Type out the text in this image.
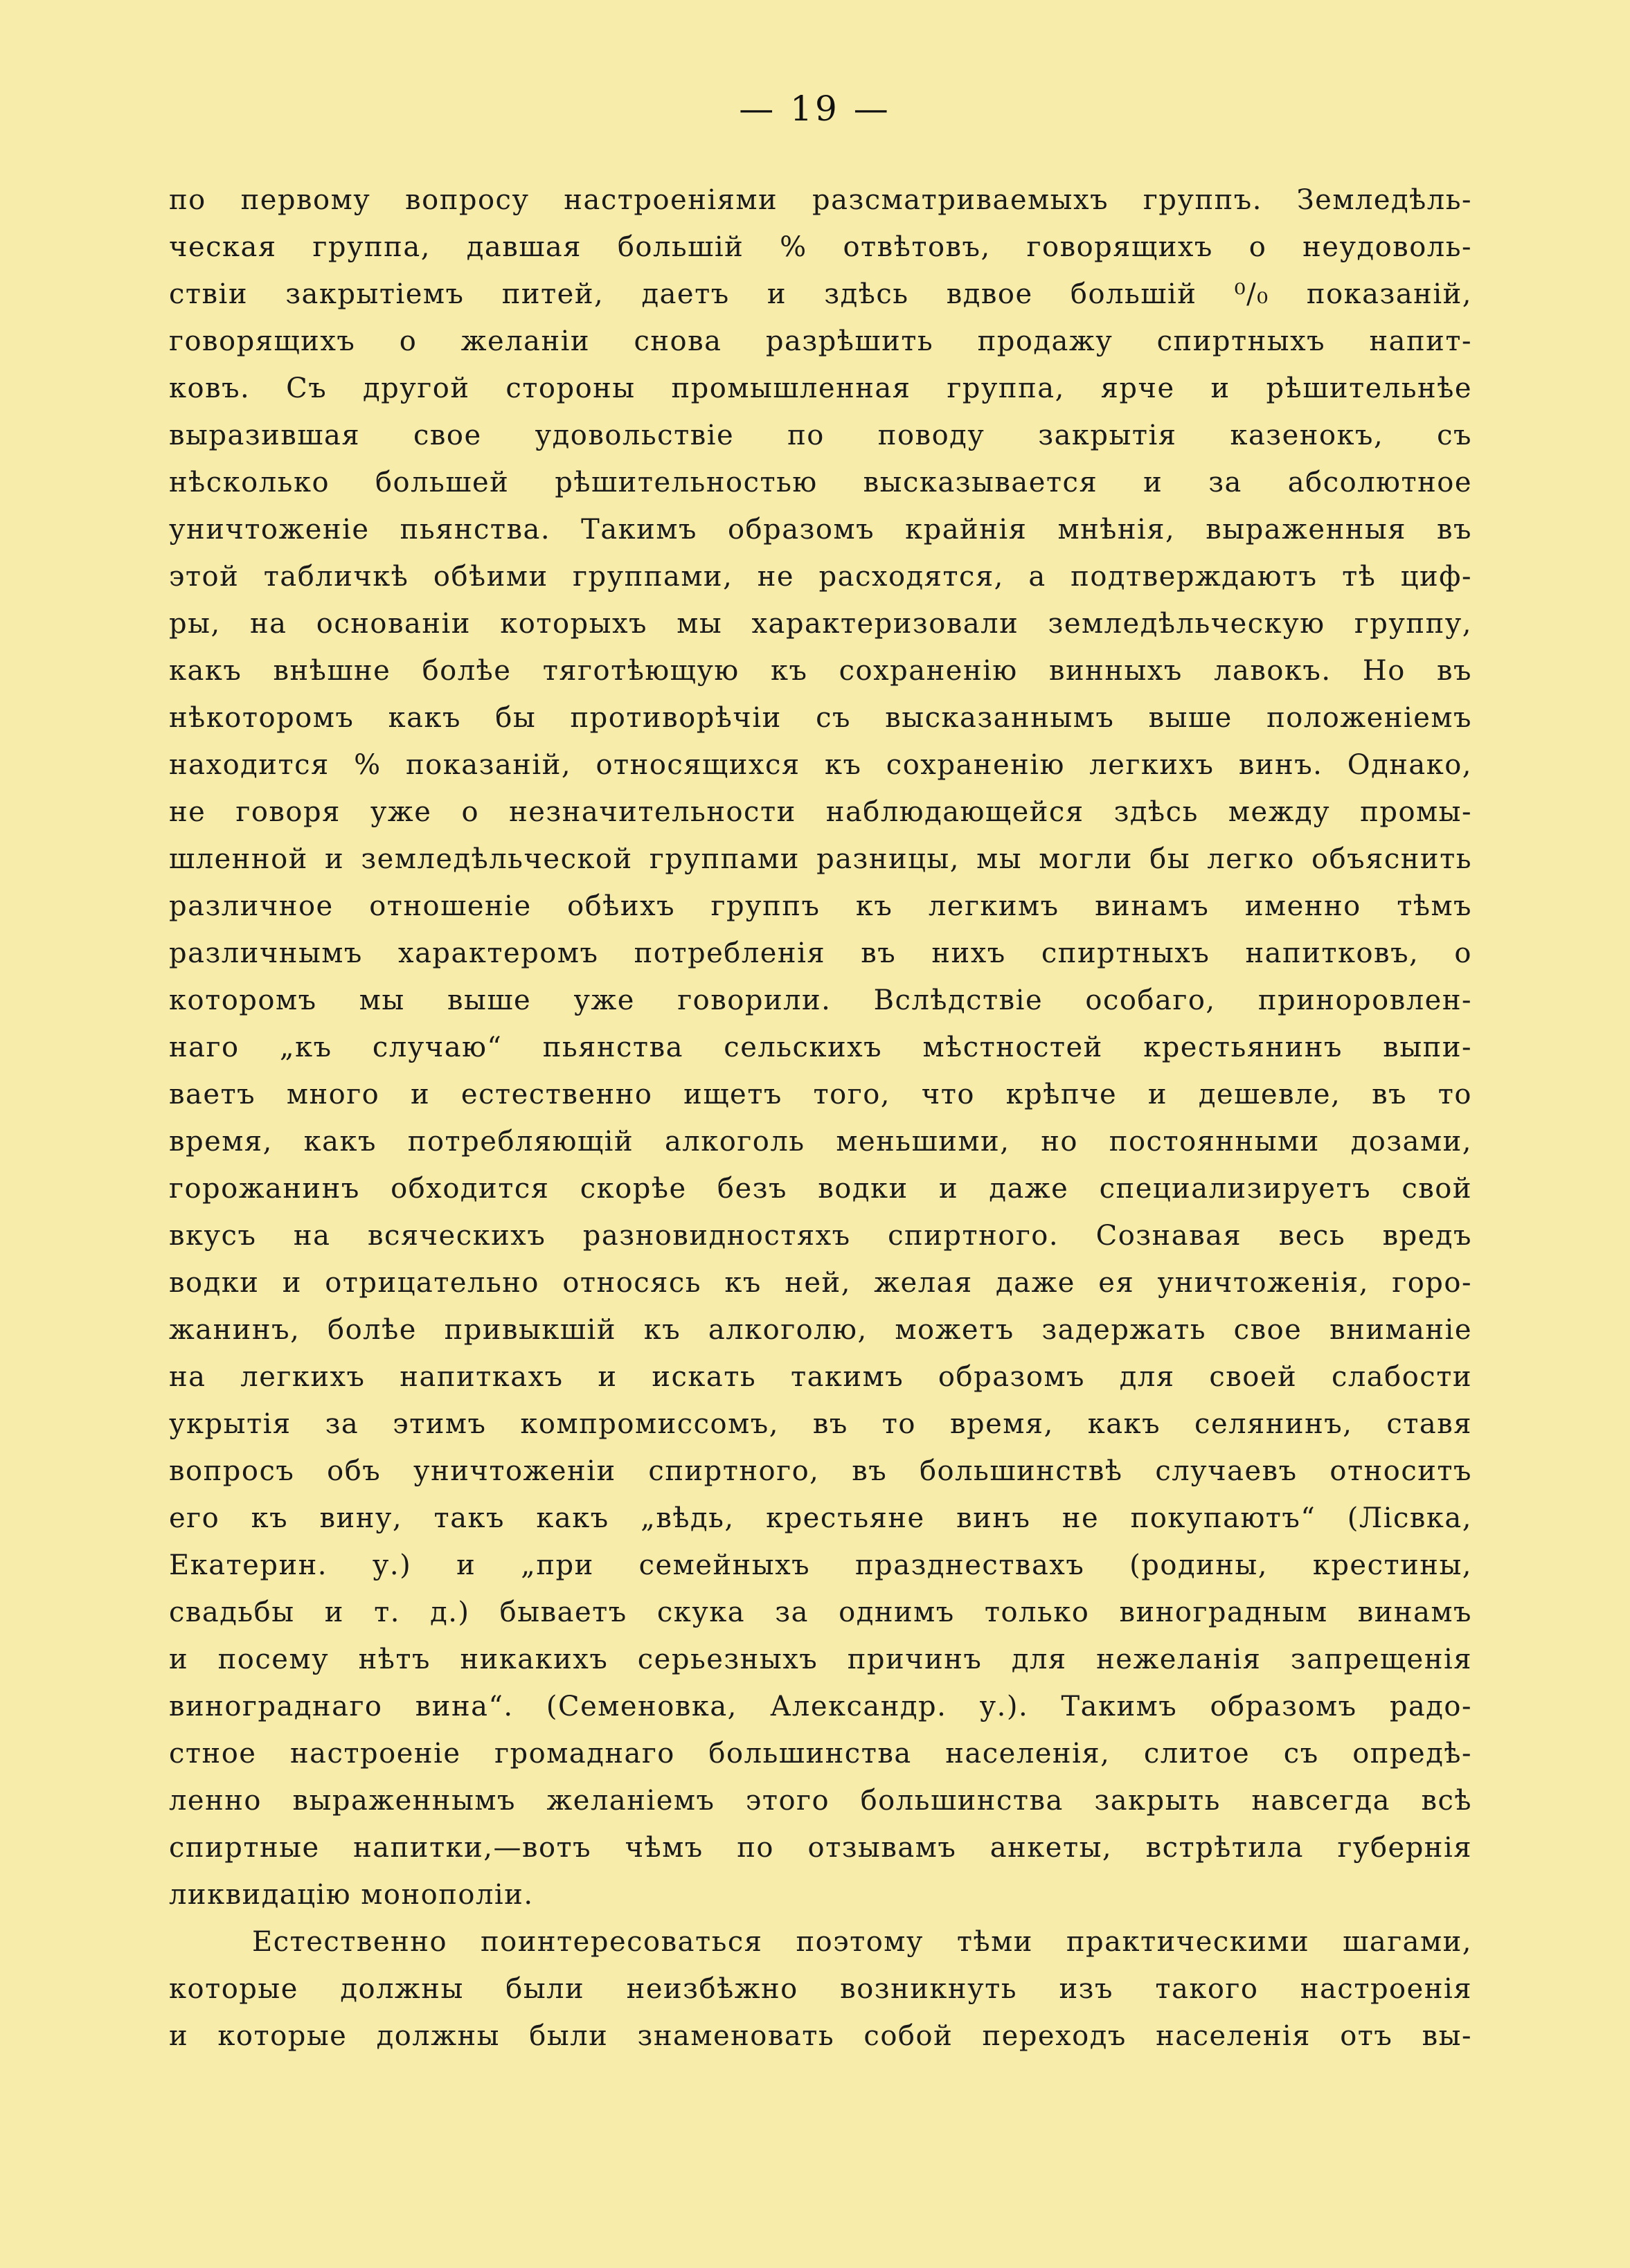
— 19 —
по первому вопросу настроеніями разсматриваемыхъ группъ. Земледѣль-
ческая группа, давшая большій % отвѣтовъ, говорящихъ о неудоволь-
ствіи закрытіемъ питей, даетъ и здѣсь вдвое большій ⁰/₀ показаній,
говорящихъ о желаніи снова разрѣшить продажу спиртныхъ напит-
ковъ. Съ другой стороны промышленная группа, ярче и рѣшительнѣе
выразившая свое удовольствіе по поводу закрытія казенокъ, съ
нѣсколько большей рѣшительностью высказывается и за абсолютное
уничтоженіе пьянства. Такимъ образомъ крайнія мнѣнія, выраженныя въ
этой табличкѣ обѣими группами, не расходятся, а подтверждаютъ тѣ циф-
ры, на основаніи которыхъ мы характеризовали земледѣльческую группу,
какъ внѣшне болѣе тяготѣющую къ сохраненію винныхъ лавокъ. Но въ
нѣкоторомъ какъ бы противорѣчіи съ высказаннымъ выше положеніемъ
находится % показаній, относящихся къ сохраненію легкихъ винъ. Однако,
не говоря уже о незначительности наблюдающейся здѣсь между промы-
шленной и земледѣльческой группами разницы, мы могли бы легко объяснить
различное отношеніе обѣихъ группъ къ легкимъ винамъ именно тѣмъ
различнымъ характеромъ потребленія въ нихъ спиртныхъ напитковъ, о
которомъ мы выше уже говорили. Вслѣдствіе особаго, приноровлен-
наго „къ случаю“ пьянства сельскихъ мѣстностей крестьянинъ выпи-
ваетъ много и естественно ищетъ того, что крѣпче и дешевле, въ то
время, какъ потребляющій алкоголь меньшими, но постоянными дозами,
горожанинъ обходится скорѣе безъ водки и даже специализируетъ свой
вкусъ на всяческихъ разновидностяхъ спиртного. Сознавая весь вредъ
водки и отрицательно относясь къ ней, желая даже ея уничтоженія, горо-
жанинъ, болѣе привыкшій къ алкоголю, можетъ задержать свое вниманіе
на легкихъ напиткахъ и искать такимъ образомъ для своей слабости
укрытія за этимъ компромиссомъ, въ то время, какъ селянинъ, ставя
вопросъ объ уничтоженіи спиртного, въ большинствѣ случаевъ относитъ
его къ вину, такъ какъ „вѣдь, крестьяне винъ не покупаютъ“ (Лісвка,
Екатерин. у.) и „при семейныхъ празднествахъ (родины, крестины,
свадьбы и т. д.) бываетъ скука за однимъ только виноградным винамъ
и посему нѣтъ никакихъ серьезныхъ причинъ для нежеланія запрещенія
винограднаго вина“. (Семеновка, Александр. у.). Такимъ образомъ радо-
стное настроеніе громаднаго большинства населенія, слитое съ опредѣ-
ленно выраженнымъ желаніемъ этого большинства закрыть навсегда всѣ
спиртные напитки,—вотъ чѣмъ по отзывамъ анкеты, встрѣтила губернія
ликвидацію монополіи.
Естественно поинтересоваться поэтому тѣми практическими шагами,
которые должны были неизбѣжно возникнуть изъ такого настроенія
и которые должны были знаменовать собой переходъ населенія отъ вы-
